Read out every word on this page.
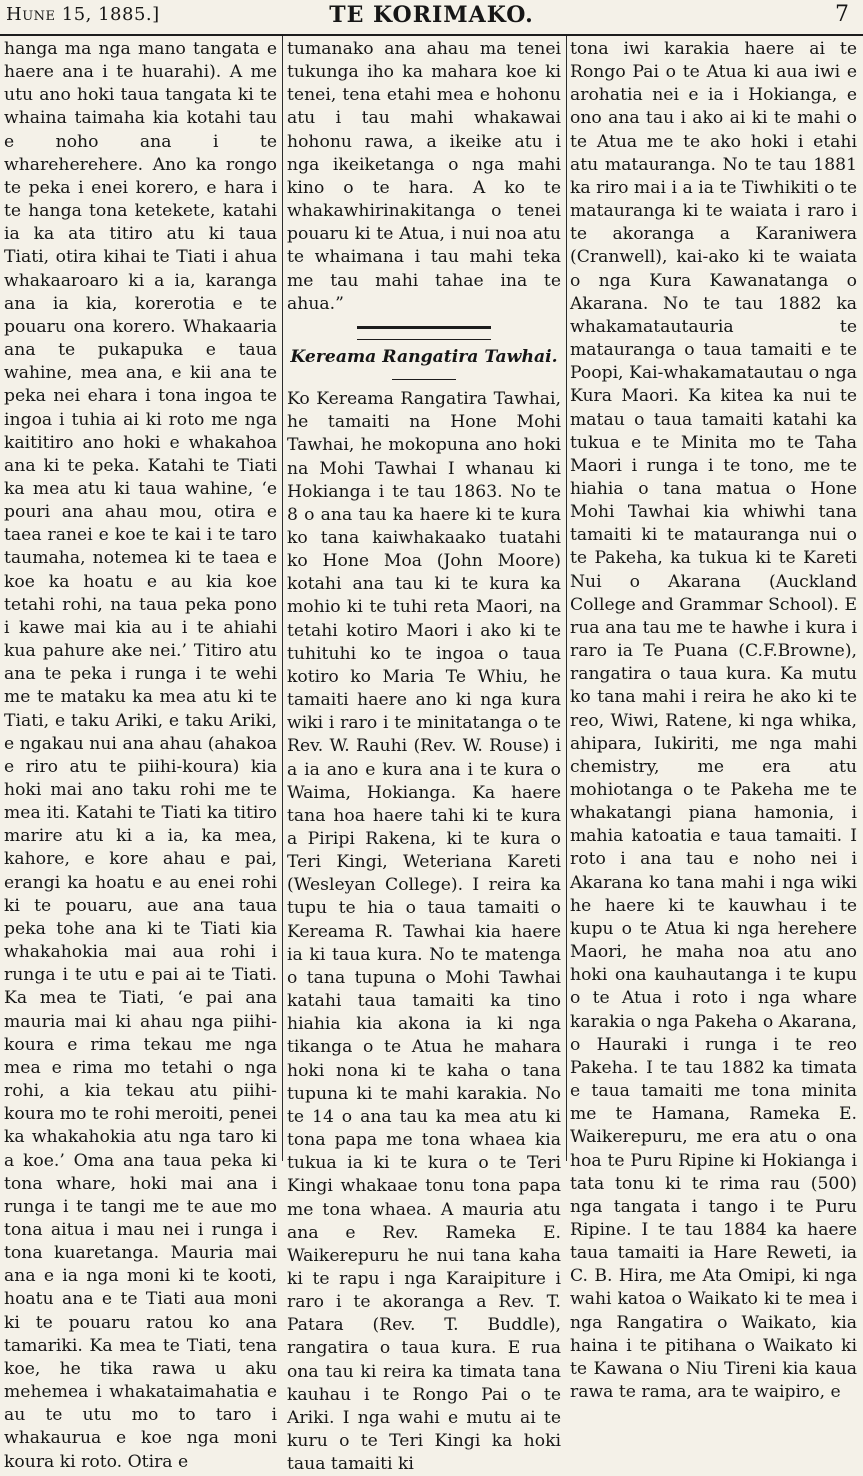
Hune 15, 1885.]	TE KORIMAKO.	7

hanga ma nga mano tangata e haere ana i te huarahi). A me utu ano hoki taua tangata ki te whaina taimaha kia kotahi tau e noho ana i te whareherehere. Ano ka rongo te peka i enei korero, e hara i te hanga tona ketekete, katahi ia ka ata titiro atu ki taua Tiati, otira kihai te Tiati i ahua whakaaroaro ki a ia, karanga ana ia kia, korerotia e te pouaru ona korero. Whakaaria ana te pukapuka e taua wahine, mea ana, e kii ana te peka nei ehara i tona ingoa te ingoa i tuhia ai ki roto me nga kaititiro ano hoki e whakahoa ana ki te peka. Katahi te Tiati ka mea atu ki taua wahine, ‘e pouri ana ahau mou, otira e taea ranei e koe te kai i te taro taumaha, notemea ki te taea e koe ka hoatu e au kia koe tetahi rohi, na taua peka pono i kawe mai kia au i te ahiahi kua pahure ake nei.’ Titiro atu ana te peka i runga i te wehi me te mataku ka mea atu ki te Tiati, e taku Ariki, e taku Ariki, e ngakau nui ana ahau (ahakoa e riro atu te piihi-koura) kia hoki mai ano taku rohi me te mea iti. Katahi te Tiati ka titiro marire atu ki a ia, ka mea, kahore, e kore ahau e pai, erangi ka hoatu e au enei rohi ki te pouaru, aue ana taua peka tohe ana ki te Tiati kia whakahokia mai aua rohi i runga i te utu e pai ai te Tiati. Ka mea te Tiati, ‘e pai ana mauria mai ki ahau nga piihi-koura e rima tekau me nga mea e rima mo tetahi o nga rohi, a kia tekau atu piihi-koura mo te rohi meroiti, penei ka whakahokia atu nga taro ki a koe.’ Oma ana taua peka ki tona whare, hoki mai ana i runga i te tangi me te aue mo tona aitua i mau nei i runga i tona kuaretanga. Mauria mai ana e ia nga moni ki te kooti, hoatu ana e te Tiati aua moni ki te pouaru ratou ko ana tamariki. Ka mea te Tiati, tena koe, he tika rawa u aku mehemea i whakataimahatia e au te utu mo to taro i whakaurua e koe nga moni koura ki roto. Otira e

tumanako ana ahau ma tenei tukunga iho ka mahara koe ki tenei, tena etahi mea e hohonu atu i tau mahi whakawai hohonu rawa, a ikeike atu i nga ikeiketanga o nga mahi kino o te hara. A ko te whakawhirinakitanga o tenei pouaru ki te Atua, i nui noa atu te whaimana i tau mahi teka me tau mahi tahae ina te ahua.”

Kereama Rangatira Tawhai.

Ko Kereama Rangatira Tawhai, he tamaiti na Hone Mohi Tawhai, he mokopuna ano hoki na Mohi Tawhai I whanau ki Hokianga i te tau 1863. No te 8 o ana tau ka haere ki te kura ko tana kaiwhakaako tuatahi ko Hone Moa (John Moore) kotahi ana tau ki te kura ka mohio ki te tuhi reta Maori, na tetahi kotiro Maori i ako ki te tuhituhi ko te ingoa o taua kotiro ko Maria Te Whiu, he tamaiti haere ano ki nga kura wiki i raro i te minitatanga o te Rev. W. Rauhi (Rev. W. Rouse) i a ia ano e kura ana i te kura o Waima, Hokianga. Ka haere tana hoa haere tahi ki te kura a Piripi Rakena, ki te kura o Teri Kingi, Weteriana Kareti (Wesleyan College). I reira ka tupu te hia o taua tamaiti o Kereama R. Tawhai kia haere ia ki taua kura. No te matenga o tana tupuna o Mohi Tawhai katahi taua tamaiti ka tino hiahia kia akona ia ki nga tikanga o te Atua he mahara hoki nona ki te kaha o tana tupuna ki te mahi karakia. No te 14 o ana tau ka mea atu ki tona papa me tona whaea kia tukua ia ki te kura o te Teri Kingi whakaae tonu tona papa me tona whaea. A mauria atu ana e Rev. Rameka E. Waikerepuru he nui tana kaha ki te rapu i nga Karaipiture i raro i te akoranga a Rev. T. Patara (Rev. T. Buddle), rangatira o taua kura. E rua ona tau ki reira ka timata tana kauhau i te Rongo Pai o te Ariki. I nga wahi e mutu ai te kuru o te Teri Kingi ka hoki taua tamaiti ki

tona iwi karakia haere ai te Rongo Pai o te Atua ki aua iwi e arohatia nei e ia i Hokianga, e ono ana tau i ako ai ki te mahi o te Atua me te ako hoki i etahi atu matauranga. No te tau 1881 ka riro mai i a ia te Tiwhikiti o te matauranga ki te waiata i raro i te akoranga a Karaniwera (Cranwell), kai-ako ki te waiata o nga Kura Kawanatanga o Akarana. No te tau 1882 ka whakamatautauria te matauranga o taua tamaiti e te Poopi, Kai-whakamatautau o nga Kura Maori. Ka kitea ka nui te matau o taua tamaiti katahi ka tukua e te Minita mo te Taha Maori i runga i te tono, me te hiahia o tana matua o Hone Mohi Tawhai kia whiwhi tana tamaiti ki te matauranga nui o te Pakeha, ka tukua ki te Kareti Nui o Akarana (Auckland College and Grammar School). E rua ana tau me te hawhe i kura i raro ia Te Puana (C.F.Browne), rangatira o taua kura. Ka mutu ko tana mahi i reira he ako ki te reo, Wiwi, Ratene, ki nga whika, ahipara, Iukiriti, me nga mahi chemistry, me era atu mohiotanga o te Pakeha me te whakatangi piana hamonia, i mahia katoatia e taua tamaiti. I roto i ana tau e noho nei i Akarana ko tana mahi i nga wiki he haere ki te kauwhau i te kupu o te Atua ki nga herehere Maori, he maha noa atu ano hoki ona kauhautanga i te kupu o te Atua i roto i nga whare karakia o nga Pakeha o Akarana, o Hauraki i runga i te reo Pakeha. I te tau 1882 ka timata e taua tamaiti me tona minita me te Hamana, Rameka E. Waikerepuru, me era atu o ona hoa te Puru Ripine ki Hokianga i tata tonu ki te rima rau (500) nga tangata i tango i te Puru Ripine. I te tau 1884 ka haere taua tamaiti ia Hare Reweti, ia C. B. Hira, me Ata Omipi, ki nga wahi katoa o Waikato ki te mea i nga Rangatira o Waikato, kia haina i te pitihana o Waikato ki te Kawana o Niu Tireni kia kaua rawa te rama, ara te waipiro, e
